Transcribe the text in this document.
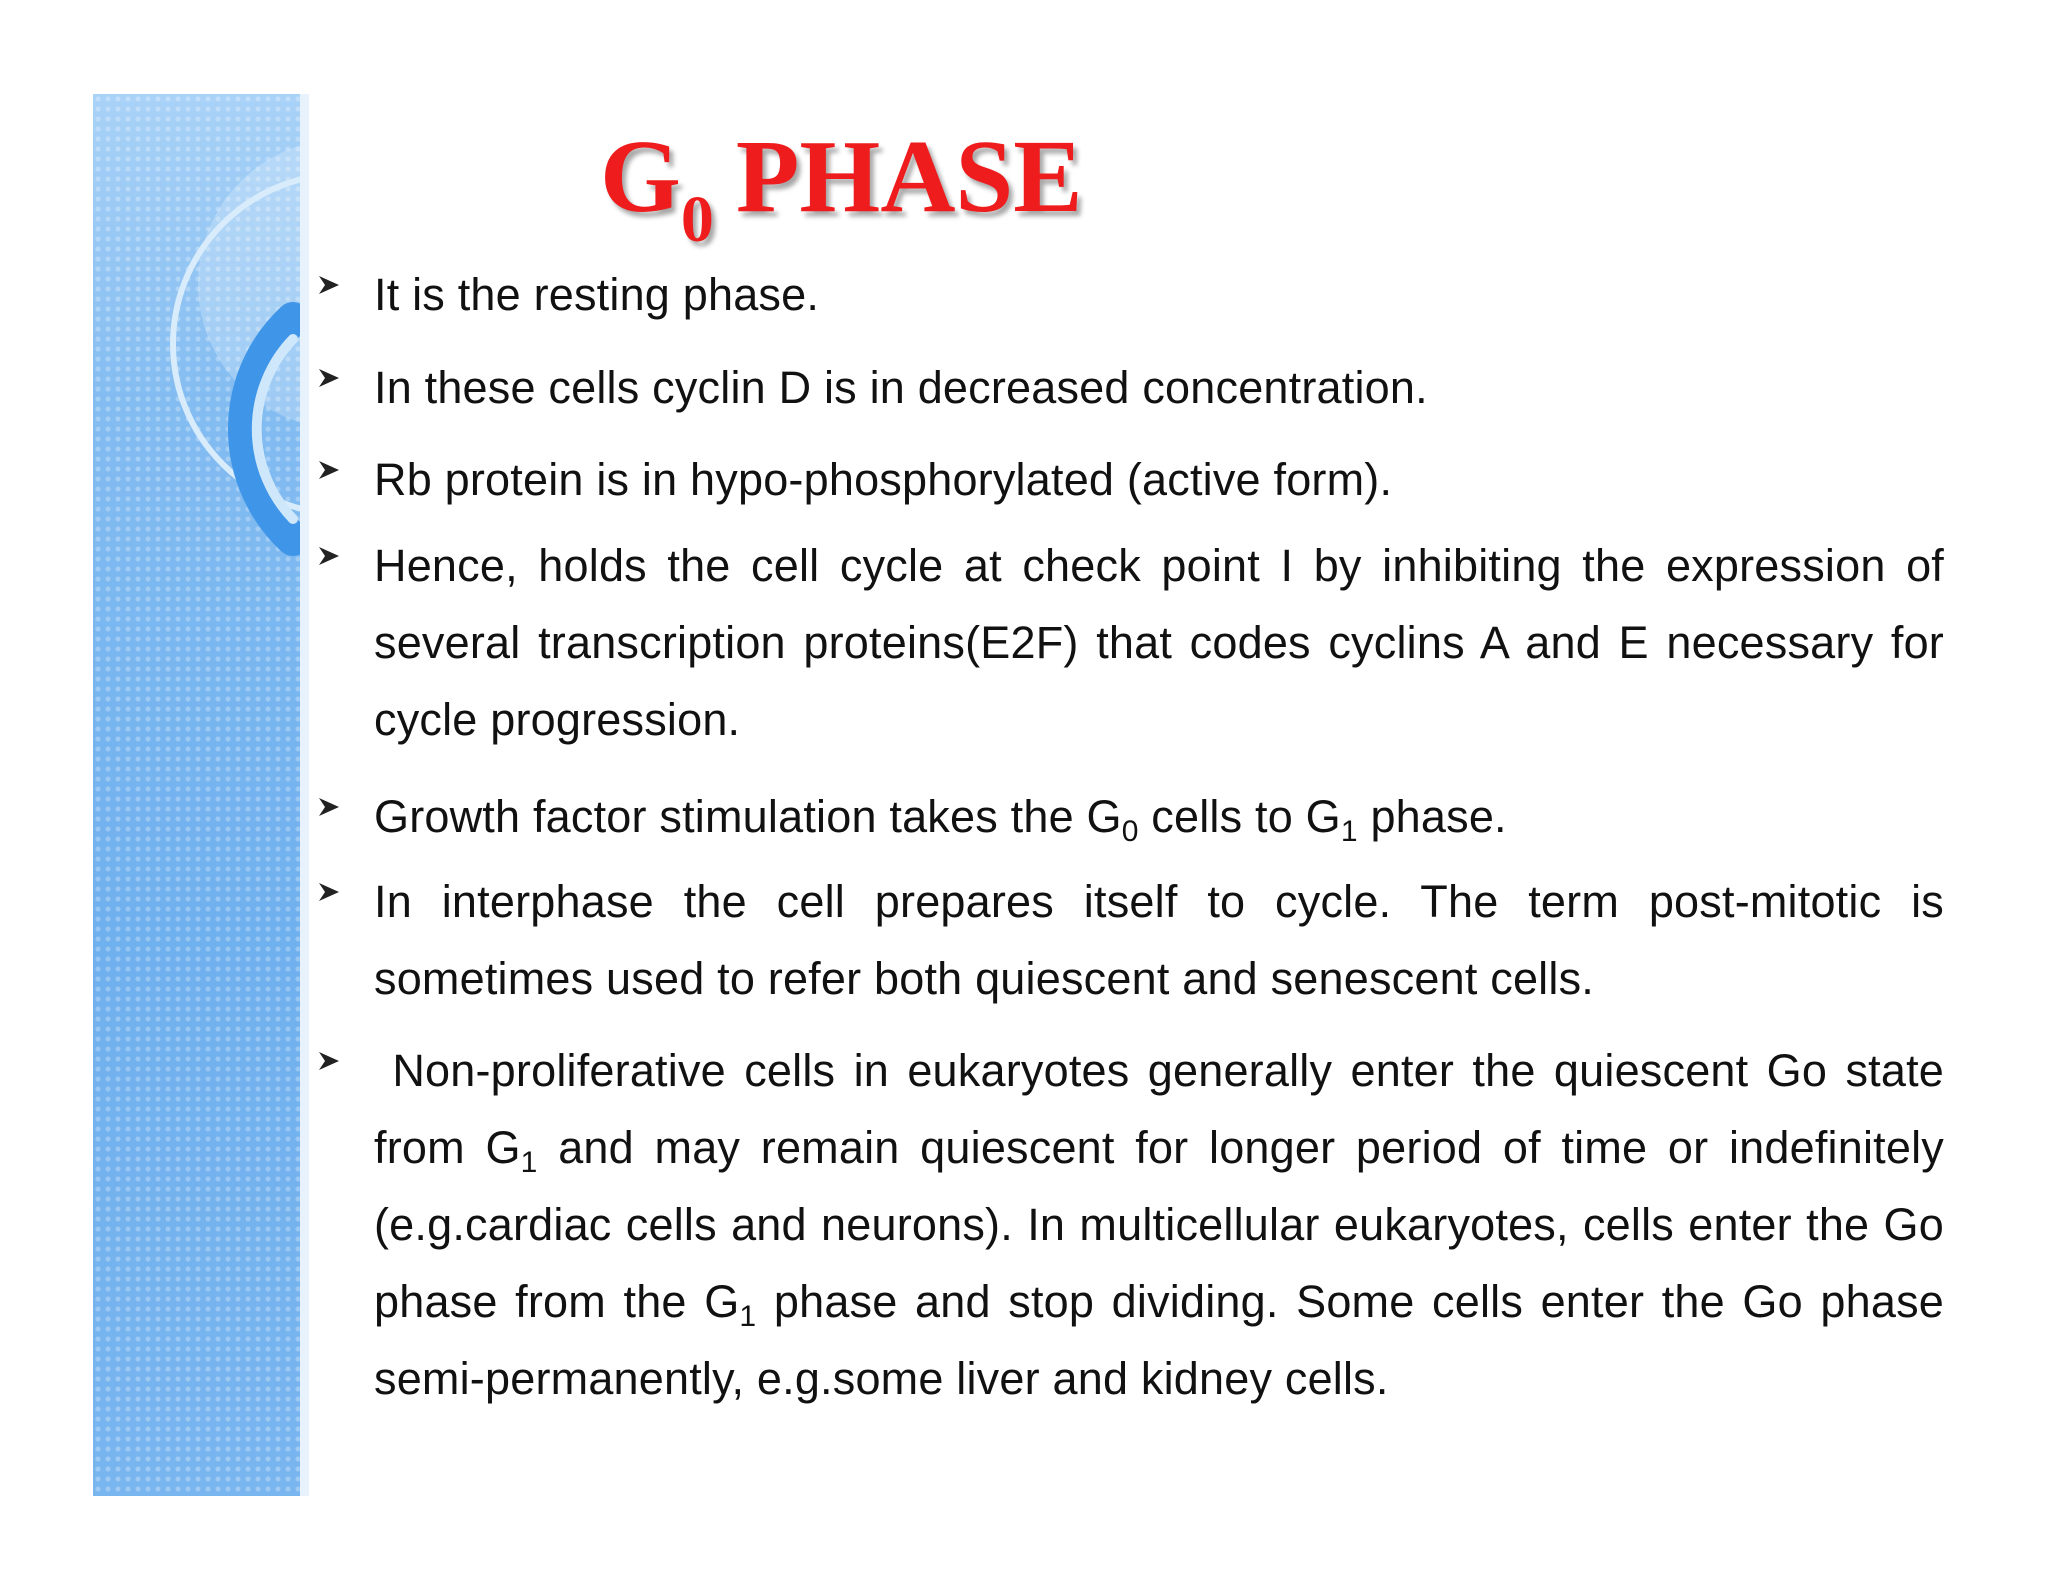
$G_0$ PHASE
It is the resting phase.
In these cells cyclin D is in decreased concentration.
Rb protein is in hypo-phosphorylated (active form).
Hence, holds the cell cycle at check point I by inhibiting the expression of
several transcription proteins(E2F) that codes cyclins A and E necessary for
cycle progression.
Growth factor stimulation takes the $G_0$ cells to $G_1$ phase.
In interphase the cell prepares itself to cycle. The term post-mitotic is
sometimes used to refer both quiescent and senescent cells.
Non-proliferative cells in eukaryotes generally enter the quiescent Go state
from $G_1$ and may remain quiescent for longer period of time or indefinitely
(e.g.cardiac cells and neurons). In multicellular eukaryotes, cells enter the Go
phase from the $G_1$ phase and stop dividing. Some cells enter the Go phase
semi-permanently, e.g.some liver and kidney cells.
